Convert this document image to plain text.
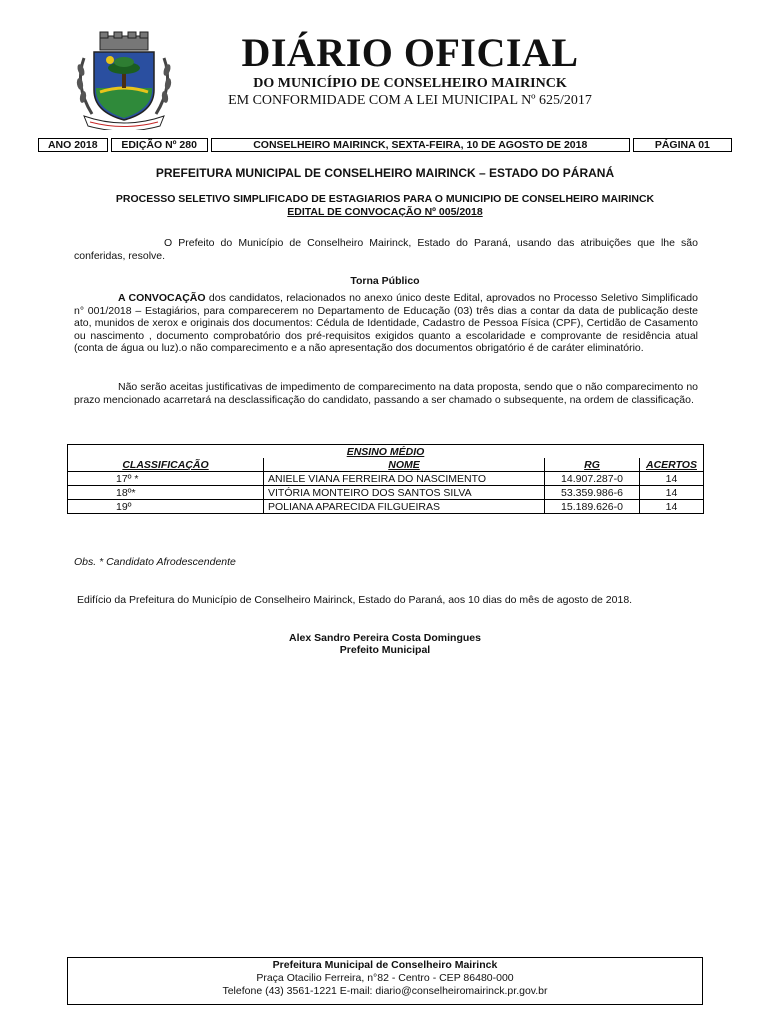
DIÁRIO OFICIAL
DO MUNICÍPIO DE CONSELHEIRO MAIRINCK
EM CONFORMIDADE COM A LEI MUNICIPAL Nº 625/2017
ANO 2018	EDIÇÃO Nº 280	CONSELHEIRO MAIRINCK, SEXTA-FEIRA, 10 DE AGOSTO DE 2018	PÁGINA 01
PREFEITURA MUNICIPAL DE CONSELHEIRO MAIRINCK – ESTADO DO PÁRANÁ
PROCESSO SELETIVO SIMPLIFICADO DE ESTAGIARIOS PARA O MUNICIPIO DE CONSELHEIRO MAIRINCK
EDITAL DE CONVOCAÇÃO Nº 005/2018
O Prefeito do Município de Conselheiro Mairinck, Estado do Paraná, usando das atribuições que lhe são conferidas, resolve.
Torna Público
A CONVOCAÇÃO dos candidatos, relacionados no anexo único deste Edital, aprovados no Processo Seletivo Simplificado n° 001/2018 – Estagiários, para comparecerem no Departamento de Educação (03) três dias a contar da data de publicação deste ato, munidos de xerox e originais dos documentos: Cédula de Identidade, Cadastro de Pessoa Física (CPF), Certidão de Casamento ou nascimento , documento comprobatório dos pré-requisitos exigidos quanto a escolaridade e comprovante de residência atual (conta de água ou luz).o não comparecimento e a não apresentação dos documentos obrigatório é de caráter eliminatório.
Não serão aceitas justificativas de impedimento de comparecimento na data proposta, sendo que o não comparecimento no prazo mencionado acarretará na desclassificação do candidato, passando a ser chamado o subsequente, na ordem de classificação.
ENSINO MÉDIO			
CLASSIFICAÇÃO	NOME	RG	ACERTOS
17º *	ANIELE VIANA FERREIRA DO NASCIMENTO	14.907.287-0	14
18º*	VITÓRIA MONTEIRO DOS SANTOS SILVA	53.359.986-6	14
19º	POLIANA APARECIDA FILGUEIRAS	15.189.626-0	14
Obs. * Candidato Afrodescendente
Edifício da Prefeitura do Município de Conselheiro Mairinck, Estado do Paraná, aos 10 dias do mês de agosto de 2018.
Alex Sandro Pereira Costa Domingues
Prefeito Municipal
Prefeitura Municipal de Conselheiro Mairinck
Praça Otacilio Ferreira, n°82 - Centro - CEP 86480-000
Telefone (43) 3561-1221 E-mail: diario@conselheiromairinck.pr.gov.br
